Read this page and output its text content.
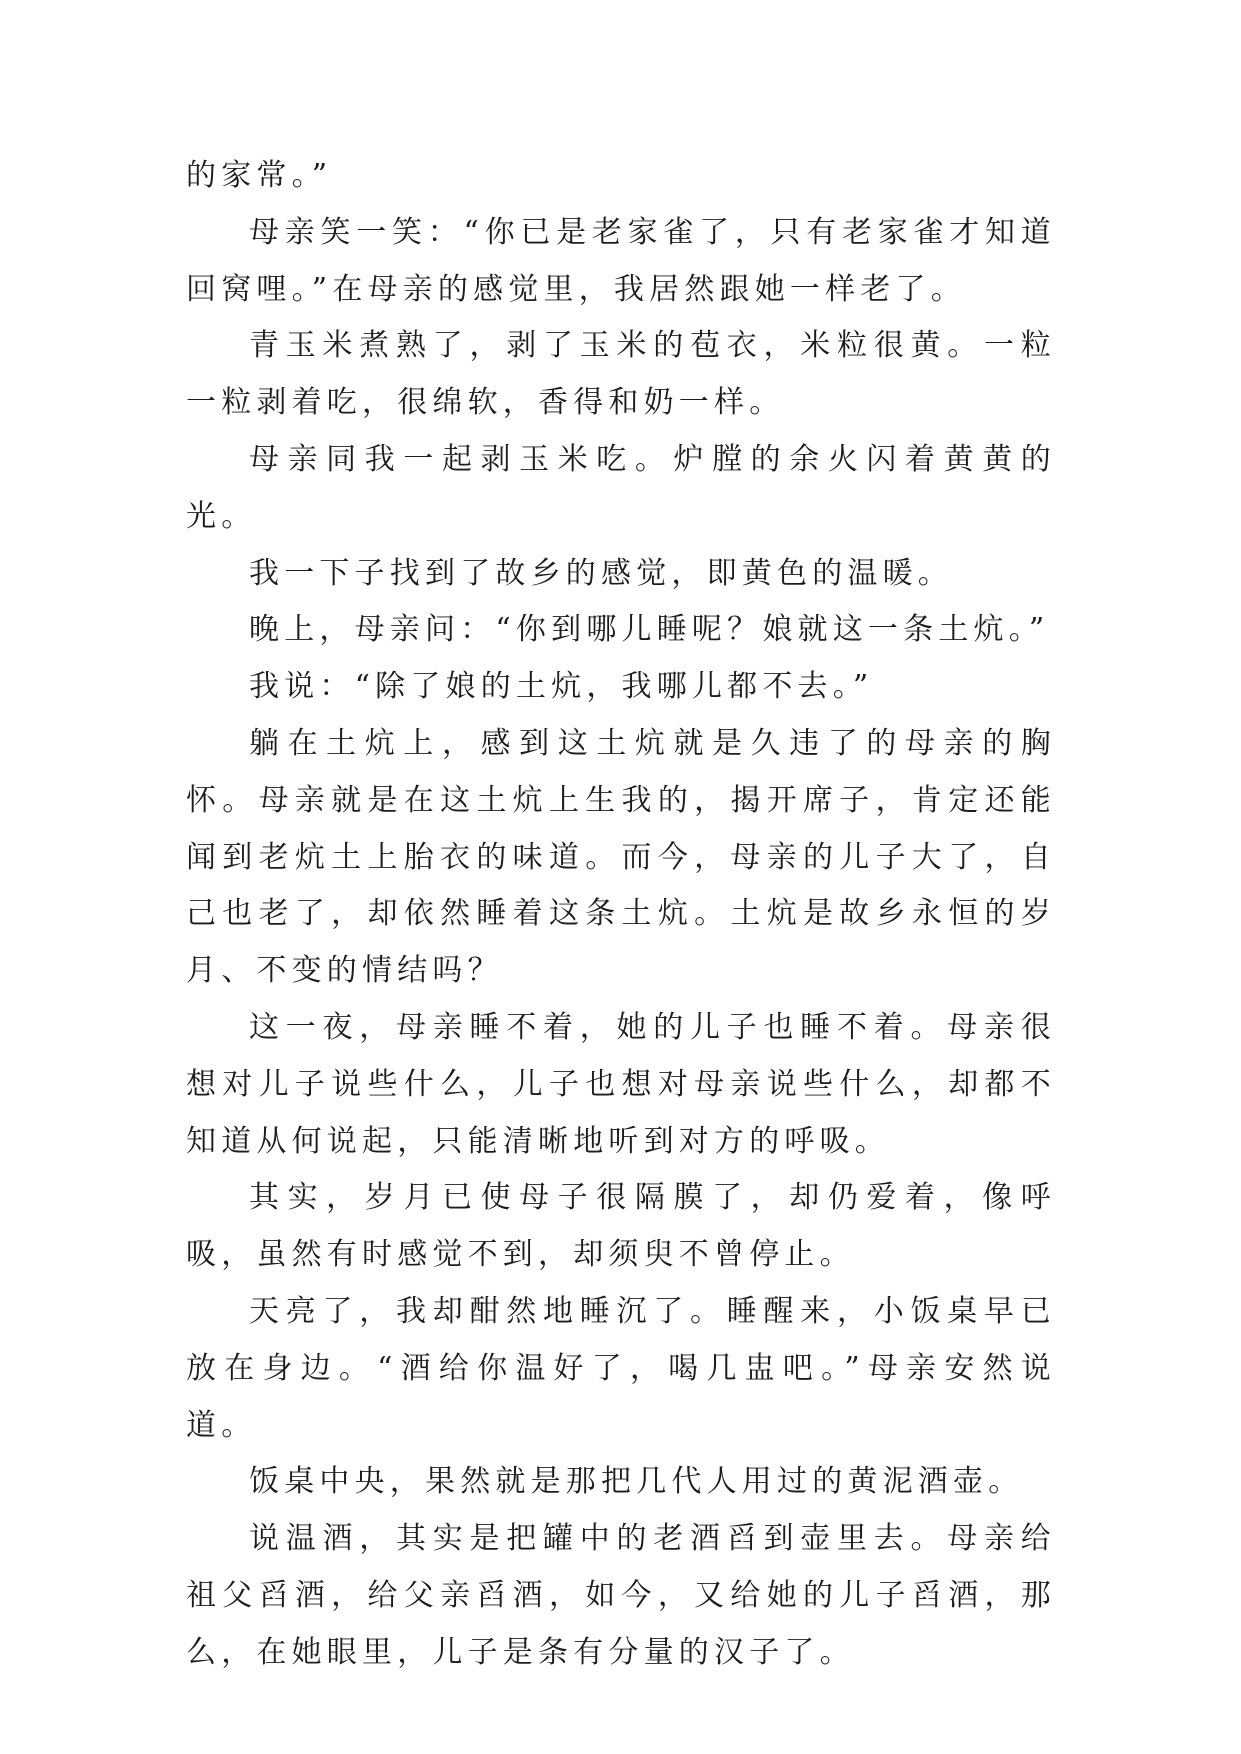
的家常。”

母亲笑一笑：“你已是老家雀了，只有老家雀才知道回窝哩。”在母亲的感觉里，我居然跟她一样老了。

青玉米煮熟了，剥了玉米的苞衣，米粒很黄。一粒 一粒剥着吃，很绵软，香得和奶一样。

母亲同我一起剥玉米吃。炉膛的余火闪着黄黄的光。

我一下子找到了故乡的感觉，即黄色的温暖。

晚上，母亲问：“你到哪儿睡呢？娘就这一条土炕。”

我说：“除了娘的土炕，我哪儿都不去。”

躺在土炕上，感到这土炕就是久违了的母亲的胸怀。母亲就是在这土炕上生我的，揭开席子，肯定还能闻到老炕土上胎衣的味道。而今，母亲的儿子大了，自己也老了，却依然睡着这条土炕。土炕是故乡永恒的岁月、不变的情结吗？

这一夜，母亲睡不着，她的儿子也睡不着。母亲很想对儿子说些什么，儿子也想对母亲说些什么，却都不知道从何说起，只能清晰地听到对方的呼吸。

其实，岁月已使母子很隔膜了，却仍爱着，像呼吸，虽然有时感觉不到，却须臾不曾停止。

天亮了，我却酣然地睡沉了。睡醒来，小饭桌早已放在身边。“酒给你温好了，喝几盅吧。”母亲安然说道。

饭桌中央，果然就是那把几代人用过的黄泥酒壶。

说温酒，其实是把罐中的老酒舀到壶里去。母亲给祖父舀酒，给父亲舀酒，如今，又给她的儿子舀酒，那么，在她眼里，儿子是条有分量的汉子了。
